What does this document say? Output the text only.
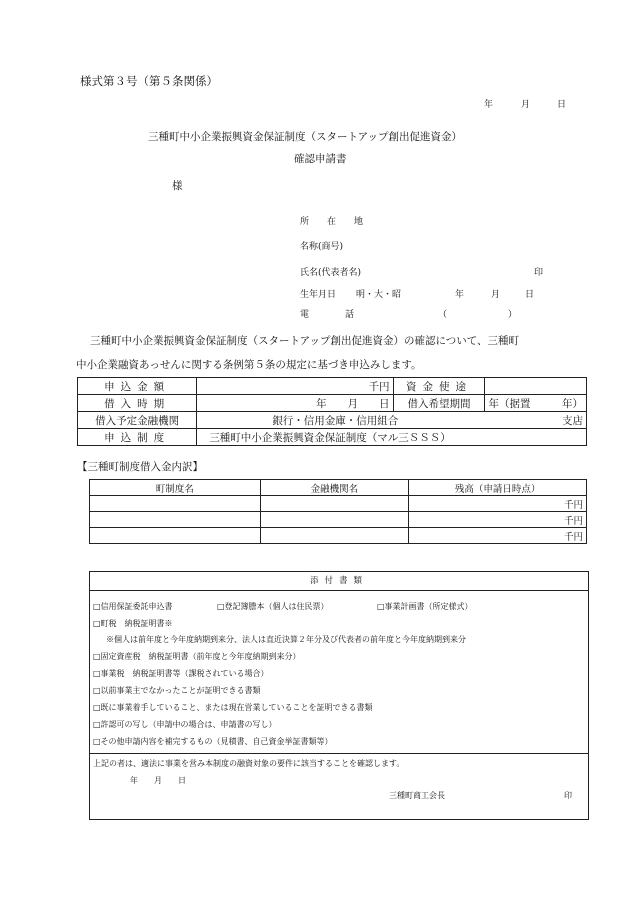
様式第３号（第５条関係）
年	月	日
三種町中小企業振興資金保証制度（スタートアップ創出促進資金）
確認申請書
様
所　　在　　地
名称(商号)
氏名(代表者名)	印
生年月日 明・大・昭	年	月	日
電　　　　話	（	）
三種町中小企業振興資金保証制度（スタートアップ創出促進資金）の確認について、三種町
中小企業融資あっせんに関する条例第５条の規定に基づき申込みします。
申込金額	千円	資金使途	
借入時期	年　　月　　日	借入希望期間	年（据置　　　年）
借入予定金融機関	銀行・信用金庫・信用組合 支店		

申込制度	三種町中小企業振興資金保証制度（マル三ＳＳＳ）		
【三種町制度借入金内訳】
町制度名	金融機関名	残高（申請日時点）
		千円
		千円
		千円
添付書類
□信用保証委託申込書	□登記簿謄本（個人は住民票）	□事業計画書（所定様式）
□町税　納税証明書※
※個人は前年度と今年度納期到来分、法人は直近決算２年分及び代表者の前年度と今年度納期到来分
□固定資産税　納税証明書（前年度と今年度納期到来分）
□事業税　納税証明書等（課税されている場合）
□以前事業主でなかったことが証明できる書類
□既に事業着手していること、または現在営業していることを証明できる書類
□許認可の写し（申請中の場合は、申請書の写し）
□その他申請内容を補完するもの（見積書、自己資金挙証書類等）
上記の者は、適法に事業を営み本制度の融資対象の要件に該当することを確認します。
年　　月　　日
三種町商工会長	印
